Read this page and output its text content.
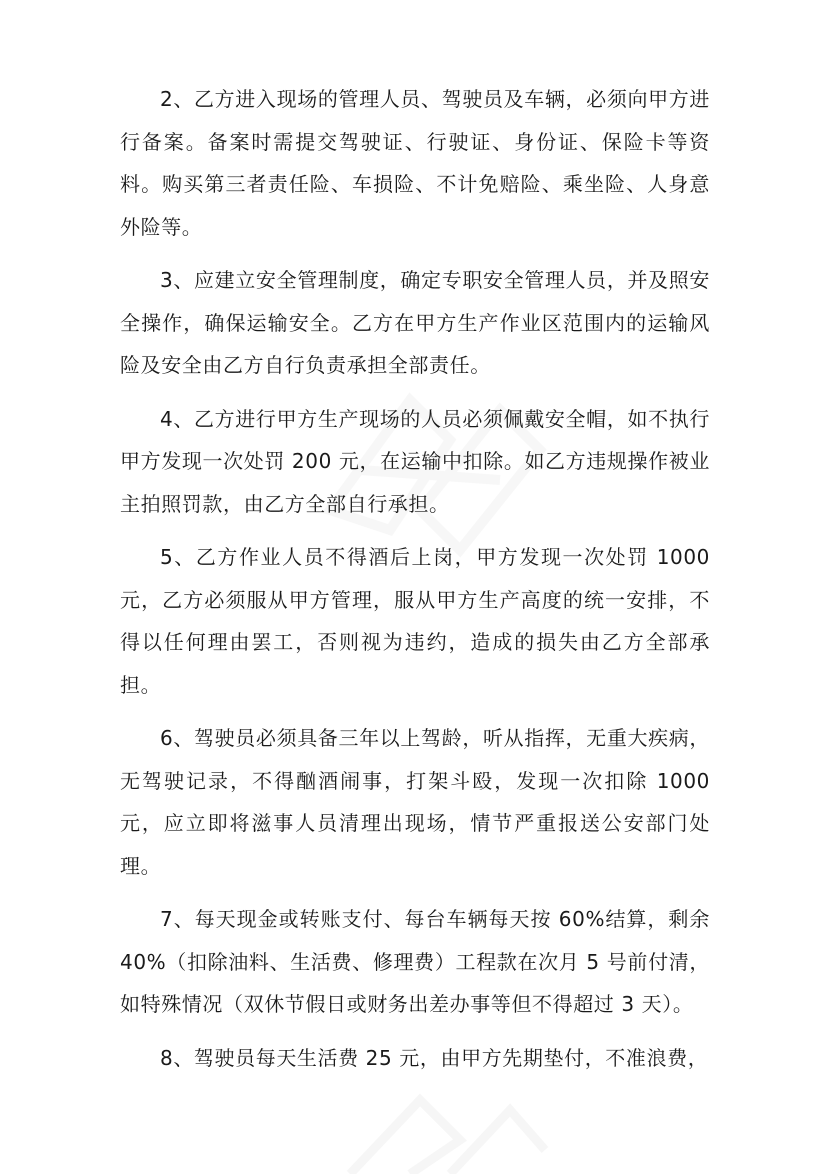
2、乙方进入现场的管理人员、驾驶员及车辆，必须向甲方进行备案。备案时需提交驾驶证、行驶证、身份证、保险卡等资料。购买第三者责任险、车损险、不计免赔险、乘坐险、人身意外险等。

3、应建立安全管理制度，确定专职安全管理人员，并及照安全操作，确保运输安全。乙方在甲方生产作业区范围内的运输风险及安全由乙方自行负责承担全部责任。

4、乙方进行甲方生产现场的人员必须佩戴安全帽，如不执行甲方发现一次处罚 200 元，在运输中扣除。如乙方违规操作被业主拍照罚款，由乙方全部自行承担。

5、乙方作业人员不得酒后上岗，甲方发现一次处罚 1000 元，乙方必须服从甲方管理，服从甲方生产高度的统一安排，不得以任何理由罢工，否则视为违约，造成的损失由乙方全部承担。

6、驾驶员必须具备三年以上驾龄，听从指挥，无重大疾病，无驾驶记录，不得酗酒闹事，打架斗殴，发现一次扣除 1000 元，应立即将滋事人员清理出现场，情节严重报送公安部门处理。

7、每天现金或转账支付、每台车辆每天按 60%结算，剩余 40%（扣除油料、生活费、修理费）工程款在次月 5 号前付清，如特殊情况（双休节假日或财务出差办事等但不得超过 3 天）。

8、驾驶员每天生活费 25 元，由甲方先期垫付，不准浪费，
